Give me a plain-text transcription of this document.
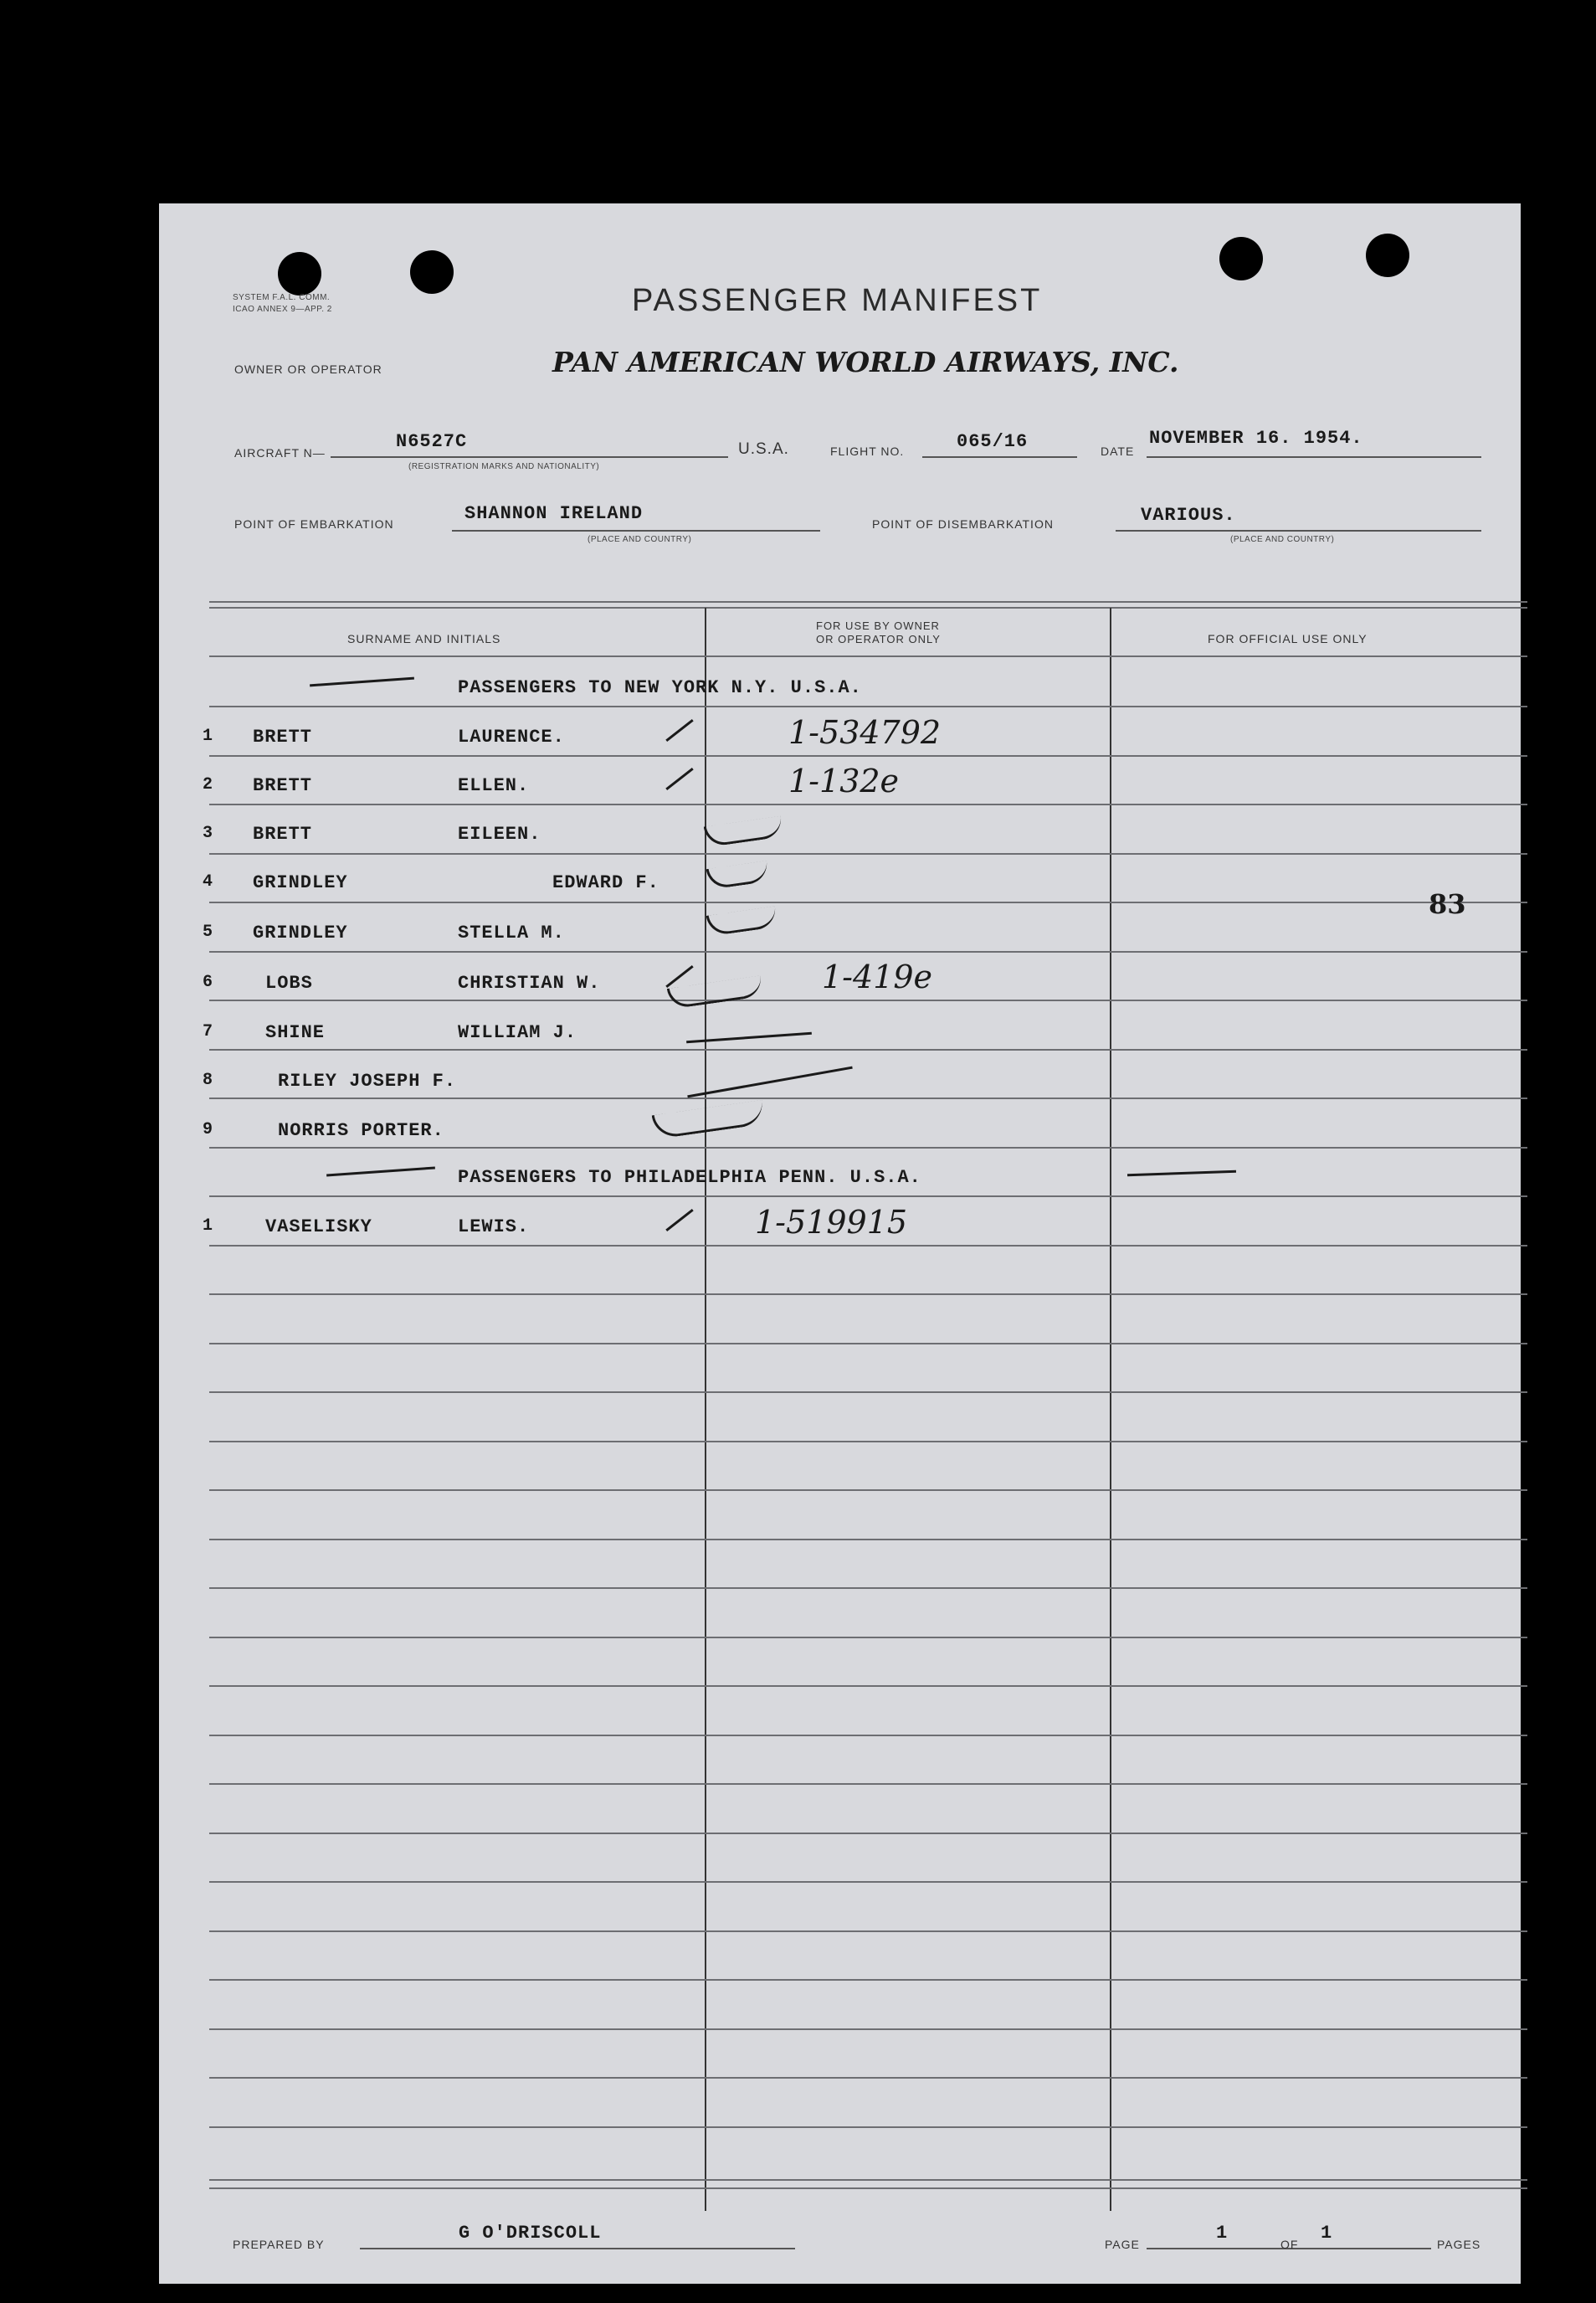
SYSTEM F.A.L. COMM.
ICAO ANNEX 9—APP. 2	PASSENGER MANIFEST
OWNER OR OPERATOR	PAN AMERICAN WORLD AIRWAYS, INC.
AIRCRAFT N—
N6527C
(REGISTRATION MARKS AND NATIONALITY)
U.S.A.	FLIGHT NO.	065/16	DATE
NOVEMBER 16. 1954.
POINT OF EMBARKATION	SHANNON IRELAND
(PLACE AND COUNTRY)
POINT OF DISEMBARKATION	VARIOUS.
(PLACE AND COUNTRY)
SURNAME AND INITIALS
FOR USE BY OWNER
OR OPERATOR ONLY	FOR OFFICIAL USE ONLY
PASSENGERS TO NEW YORK N.Y. U.S.A.
1 BRETT	LAURENCE.	1-534792
2 BRETT	ELLEN.	1-132e
3 BRETT	EILEEN.
4 GRINDLEY	EDWARD F.
5 GRINDLEY	STELLA M.
6	LOBS	CHRISTIAN W.	1-419e
7	SHINE	WILLIAM J.
8	RILEY JOSEPH F.
9	NORRIS PORTER.
PASSENGERS TO PHILADELPHIA PENN. U.S.A.
1	VASELISKY	LEWIS.	1-519915
83
PREPARED BY
G O'DRISCOLL
PAGE
1
OF
1
PAGES
